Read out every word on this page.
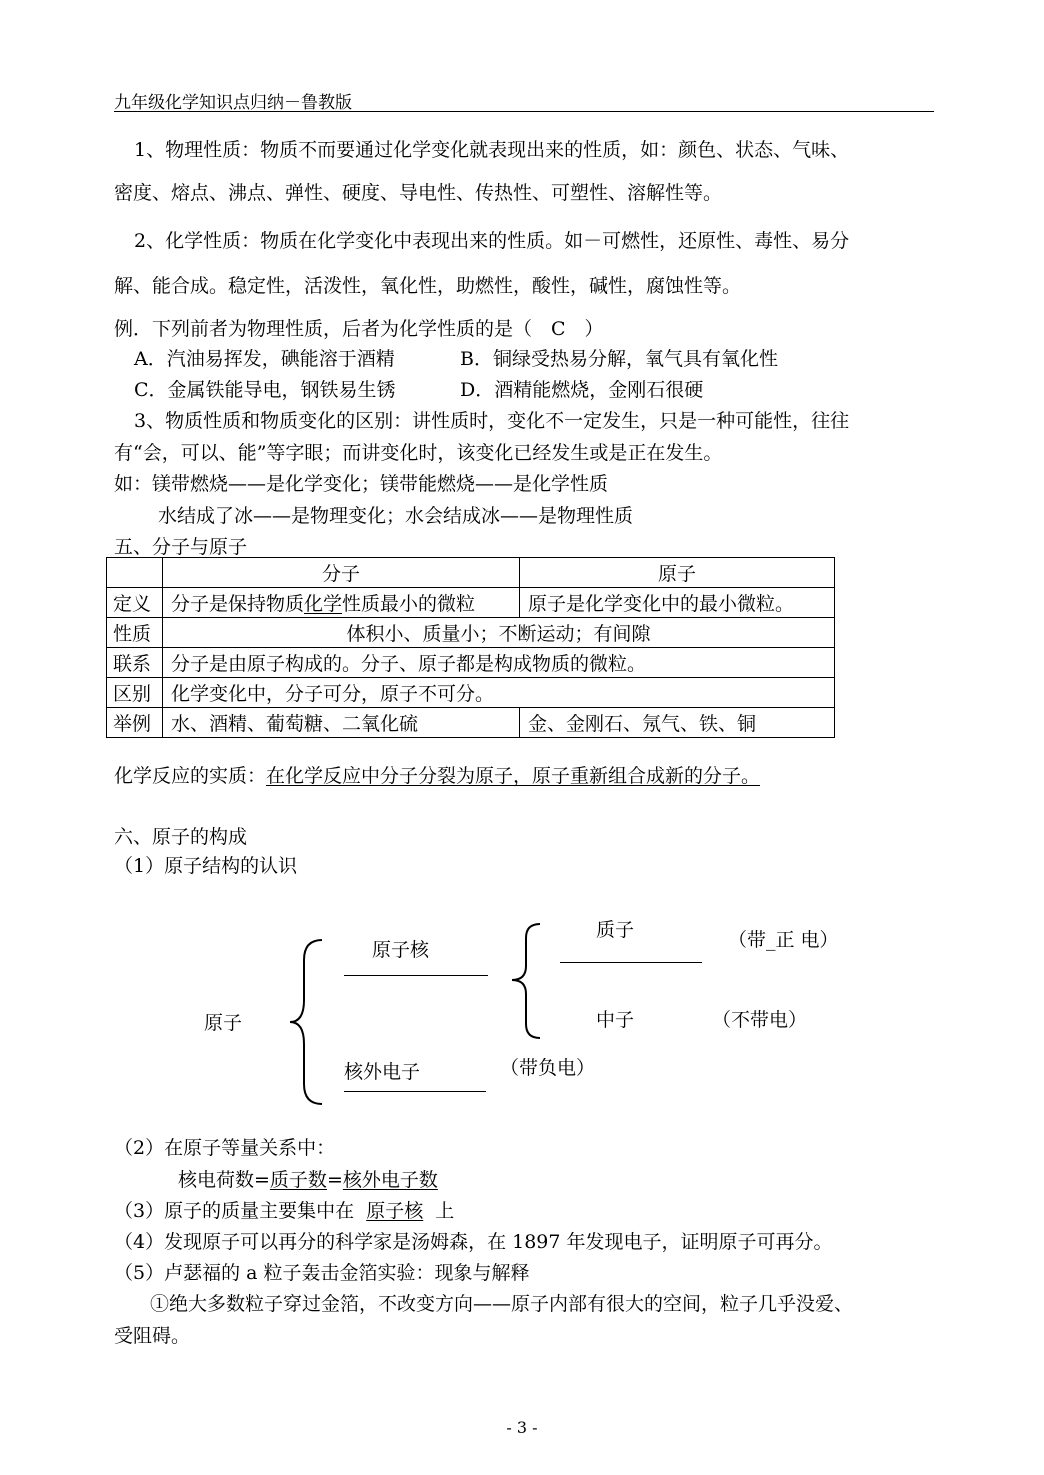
九年级化学知识点归纳－鲁教版
1、物理性质：物质不而要通过化学变化就表现出来的性质，如：颜色、状态、气味、
密度、熔点、沸点、弹性、硬度、导电性、传热性、可塑性、溶解性等。
2、化学性质：物质在化学变化中表现出来的性质。如－可燃性，还原性、毒性、易分
解、能合成。稳定性，活泼性，氧化性，助燃性，酸性，碱性，腐蚀性等。
例．下列前者为物理性质，后者为化学性质的是（　C　）
A．汽油易挥发，碘能溶于酒精	B．铜绿受热易分解，氧气具有氧化性
C．金属铁能导电，钢铁易生锈	D．酒精能燃烧，金刚石很硬
3、物质性质和物质变化的区别：讲性质时，变化不一定发生，只是一种可能性，往往
有“会，可以、能”等字眼；而讲变化时，该变化已经发生或是正在发生。
如：镁带燃烧——是化学变化；镁带能燃烧——是化学性质
水结成了冰——是物理变化；水会结成冰——是物理性质
五、分子与原子
	分子	原子
定义	分子是保持物质化学性质最小的微粒	原子是化学变化中的最小微粒。
性质	体积小、质量小；不断运动；有间隙	
联系	分子是由原子构成的。分子、原子都是构成物质的微粒。	
区别	化学变化中，分子可分，原子不可分。	
举例	水、酒精、葡萄糖、二氧化硫	金、金刚石、氖气、铁、铜
化学反应的实质：在化学反应中分子分裂为原子，原子重新组合成新的分子。
六、原子的构成
（1）原子结构的认识
原子
原子核
质子	（带_正 电）
中子	（不带电）
核外电子	（带负电）
（2）在原子等量关系中：
核电荷数=质子数=核外电子数
（3）原子的质量主要集中在 原子核 上
（4）发现原子可以再分的科学家是汤姆森，在 1897 年发现电子，证明原子可再分。
（5）卢瑟福的 a 粒子轰击金箔实验：现象与解释
①绝大多数粒子穿过金箔，不改变方向——原子内部有很大的空间，粒子几乎没爱、
受阻碍。
- 3 -
